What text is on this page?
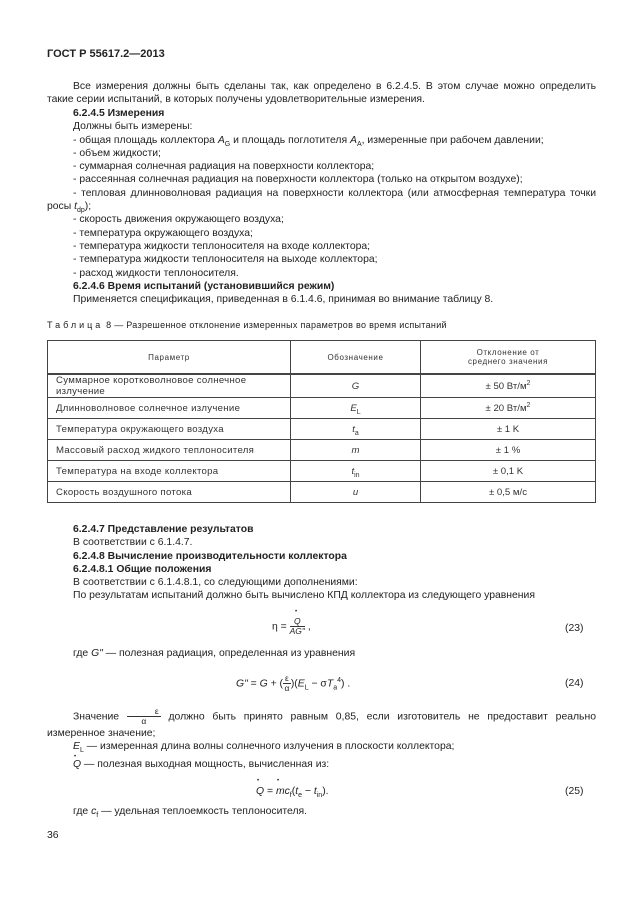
ГОСТ Р 55617.2—2013
Все измерения должны быть сделаны так, как определено в 6.2.4.5. В этом случае можно определить такие серии испытаний, в которых получены удовлетворительные измерения.
6.2.4.5 Измерения
Должны быть измерены:
- общая площадь коллектора $A_G$ и площадь поглотителя $A_A$, измеренные при рабочем давлении;
- объем жидкости;
- суммарная солнечная радиация на поверхности коллектора;
- рассеянная солнечная радиация на поверхности коллектора (только на открытом воздухе);
- тепловая длинноволновая радиация на поверхности коллектора (или атмосферная температура точки росы $t_{dp}$);
- скорость движения окружающего воздуха;
- температура окружающего воздуха;
- температура жидкости теплоносителя на входе коллектора;
- температура жидкости теплоносителя на выходе коллектора;
- расход жидкости теплоносителя.
6.2.4.6 Время испытаний (установившийся режим)
Применяется спецификация, приведенная в 6.1.4.6, принимая во внимание таблицу 8.
Таблица 8 — Разрешенное отклонение измеренных параметров во время испытаний
Параметр	Обозначение	Отклонение от среднего значения
Суммарное коротковолновое солнечное излучение	G	± 50 $Вт/м^2$
Длинноволновое солнечное излучение	$E_L$	± 20 $Вт/м^2$
Температура окружающего воздуха	$t_a$	± 1 K
Массовый расход жидкого теплоносителя	m	± 1 %
Температура на входе коллектора	$t_{in}$	± 0,1 K
Скорость воздушного потока	u	± 0,5 м/с
6.2.4.7 Представление результатов
В соответствии с 6.1.4.7.
6.2.4.8 Вычисление производительности коллектора
6.2.4.8.1 Общие положения
В соответствии с 6.1.4.8.1, со следующими дополнениями:
По результатам испытаний должно быть вычислено КПД коллектора из следующего уравнения
η = • $\frac{Q}{AG"}$ ,	(23)
где G" — полезная радиация, определенная из уравнения
G" = G + (
ε
$\alpha)(E_L - \sigma T_a^4)$ .	(24)
Значение
ε
α должно быть принято равным 0,85, если изготовитель не предоставит реально измеренное значение;
$E_L$ — измеренная длина волны солнечного излучения в плоскости коллектора;
• Q — полезная выходная мощность, вычисленная из:
• Q = • $mc_f(t_e - t_{in})$.	(25)
где $c_f$ — удельная теплоемкость теплоносителя.
36
